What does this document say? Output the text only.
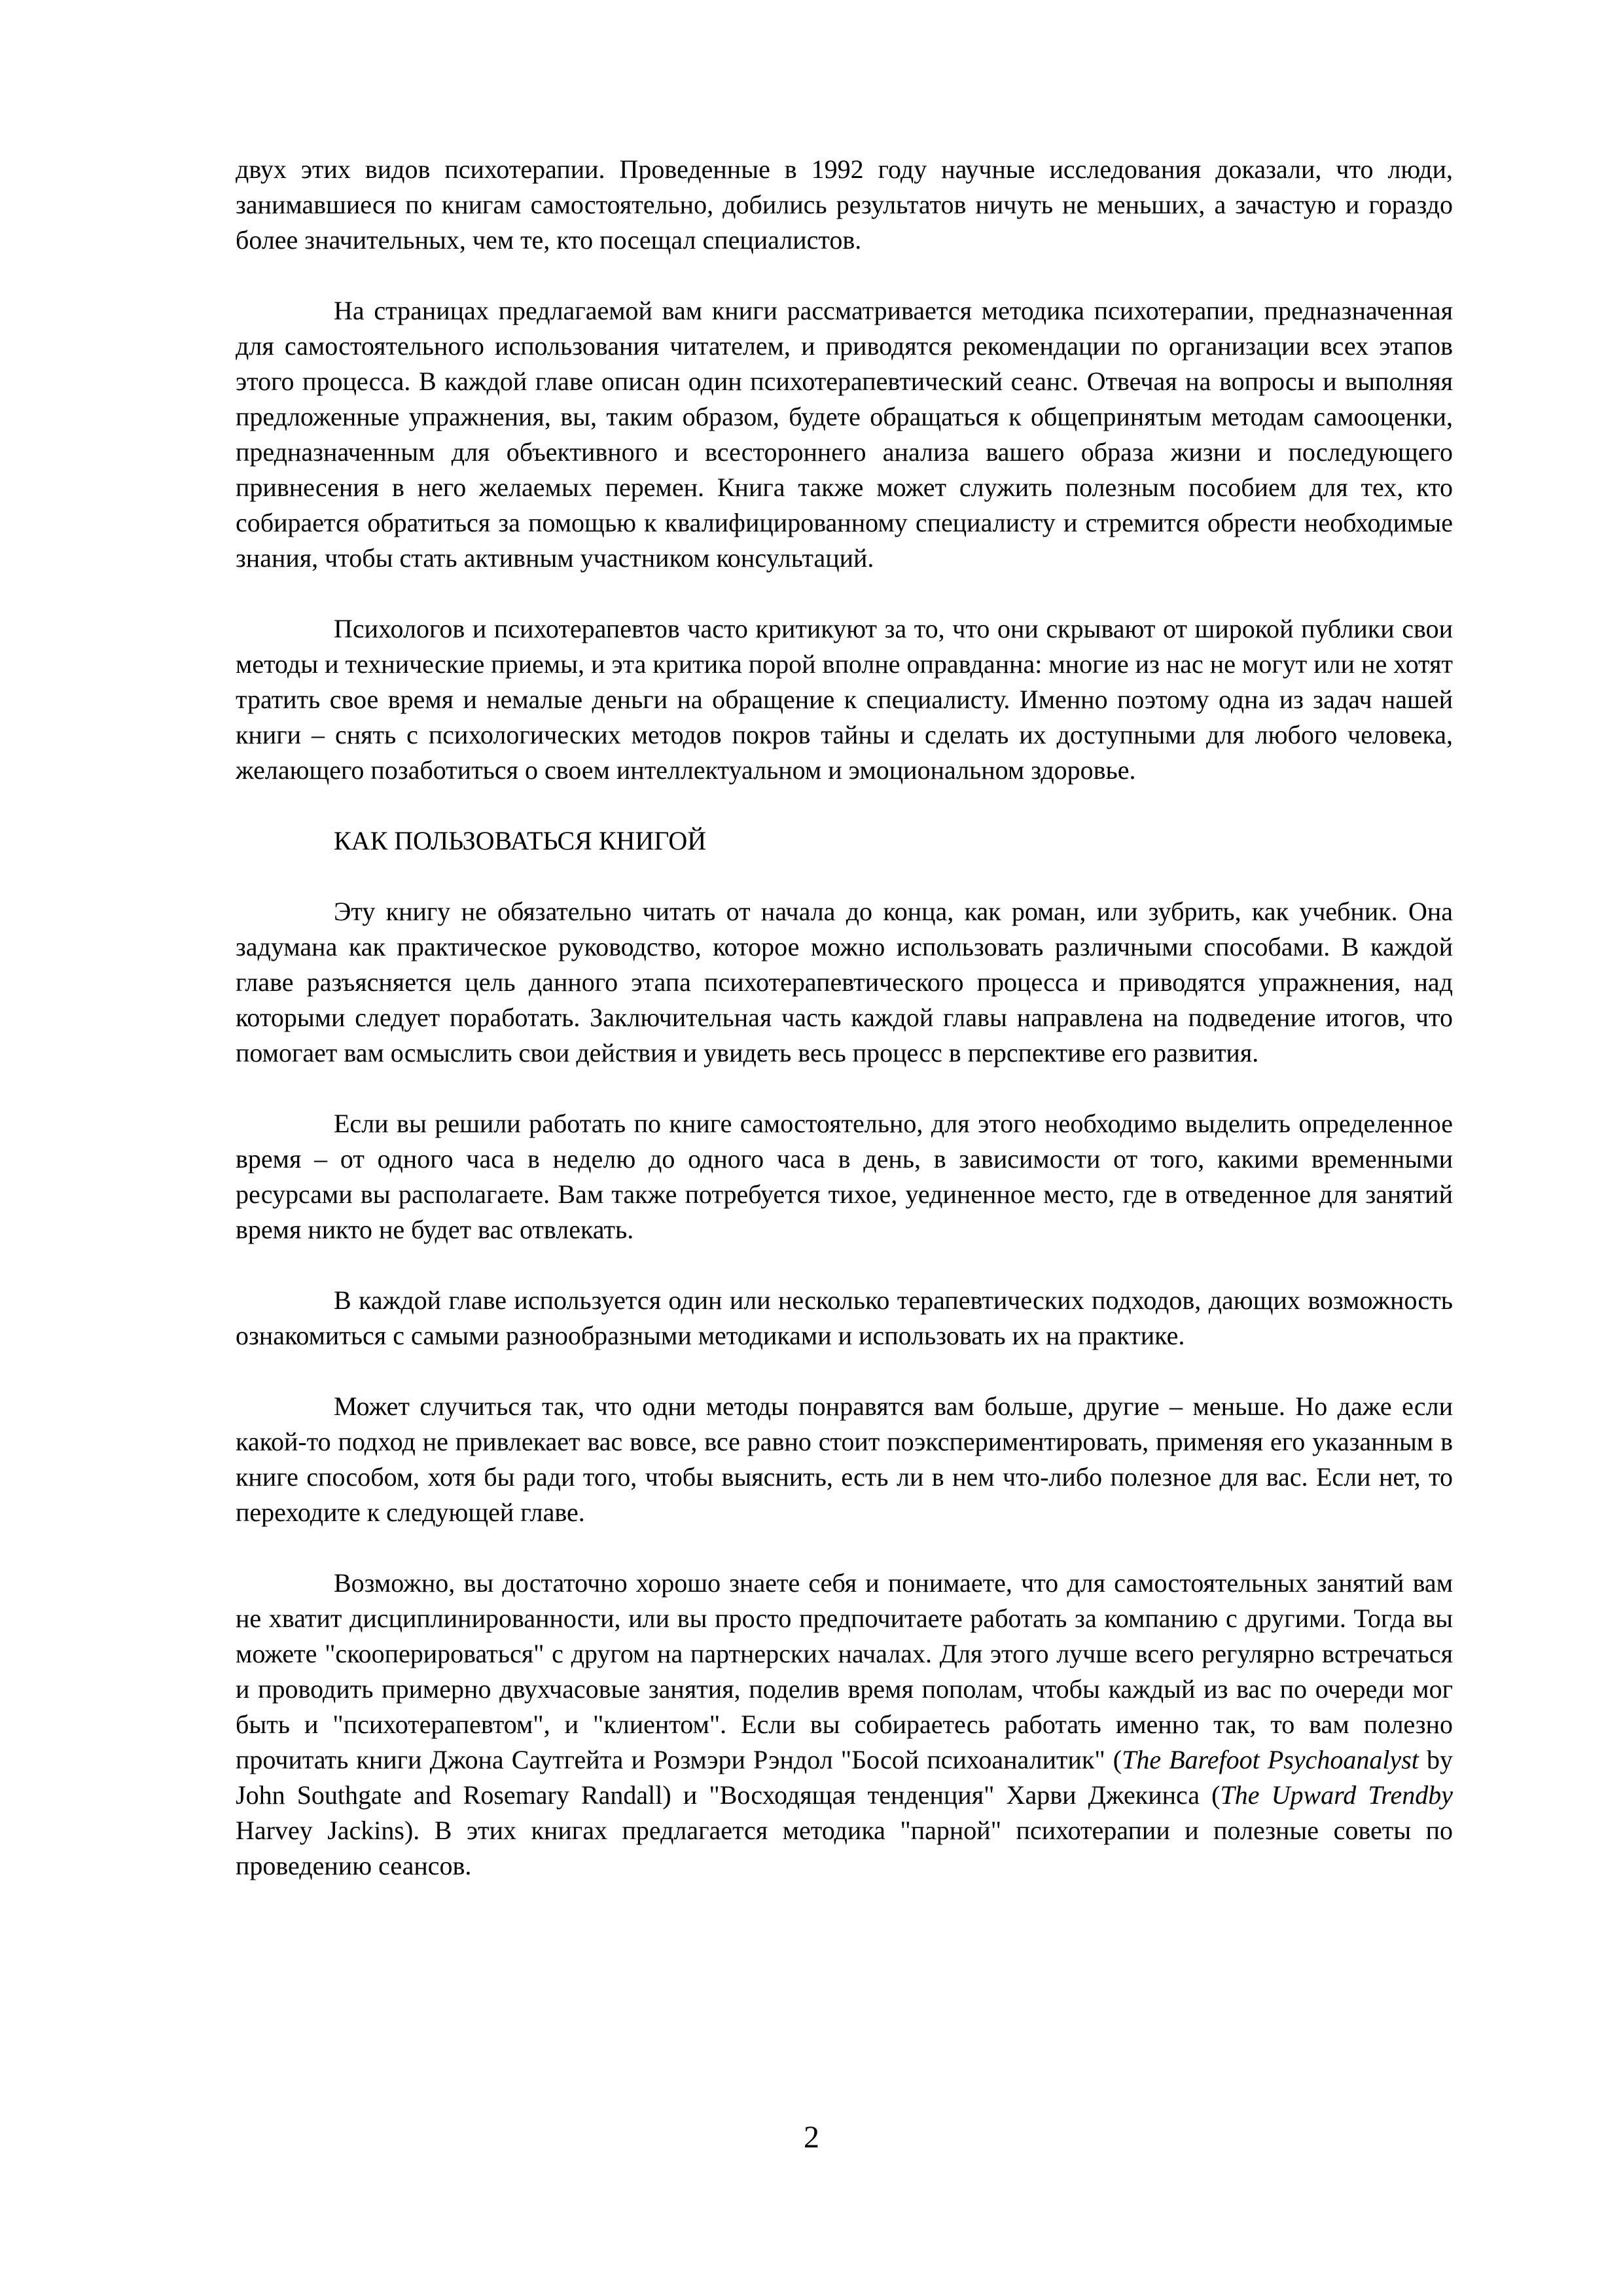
двух этих видов психотерапии. Проведенные в 1992 году научные исследования доказали, что люди, занимавшиеся по книгам самостоятельно, добились результатов ничуть не меньших, а зачастую и гораздо более значительных, чем те, кто посещал специалистов.

На страницах предлагаемой вам книги рассматривается методика психотерапии, предназначенная для самостоятельного использования читателем, и приводятся рекомендации по организации всех этапов этого процесса. В каждой главе описан один психотерапевтический сеанс. Отвечая на вопросы и выполняя предложенные упражнения, вы, таким образом, будете обращаться к общепринятым методам самооценки, предназначенным для объективного и всестороннего анализа вашего образа жизни и последующего привнесения в него желаемых перемен. Книга также может служить полезным пособием для тех, кто собирается обратиться за помощью к квалифицированному специалисту и стремится обрести необходимые знания, чтобы стать активным участником консультаций.

Психологов и психотерапевтов часто критикуют за то, что они скрывают от широкой публики свои методы и технические приемы, и эта критика порой вполне оправданна: многие из нас не могут или не хотят тратить свое время и немалые деньги на обращение к специалисту. Именно поэтому одна из задач нашей книги – снять с психологических методов покров тайны и сделать их доступными для любого человека, желающего позаботиться о своем интеллектуальном и эмоциональном здоровье.

КАК ПОЛЬЗОВАТЬСЯ КНИГОЙ

Эту книгу не обязательно читать от начала до конца, как роман, или зубрить, как учебник. Она задумана как практическое руководство, которое можно использовать различными способами. В каждой главе разъясняется цель данного этапа психотерапевтического процесса и приводятся упражнения, над которыми следует поработать. Заключительная часть каждой главы направлена на подведение итогов, что помогает вам осмыслить свои действия и увидеть весь процесс в перспективе его развития.

Если вы решили работать по книге самостоятельно, для этого необходимо выделить определенное время – от одного часа в неделю до одного часа в день, в зависимости от того, какими временными ресурсами вы располагаете. Вам также потребуется тихое, уединенное место, где в отведенное для занятий время никто не будет вас отвлекать.

В каждой главе используется один или несколько терапевтических подходов, дающих возможность ознакомиться с самыми разнообразными методиками и использовать их на практике.

Может случиться так, что одни методы понравятся вам больше, другие – меньше. Но даже если какой-то подход не привлекает вас вовсе, все равно стоит поэкспериментировать, применяя его указанным в книге способом, хотя бы ради того, чтобы выяснить, есть ли в нем что-либо полезное для вас. Если нет, то переходите к следующей главе.

Возможно, вы достаточно хорошо знаете себя и понимаете, что для самостоятельных занятий вам не хватит дисциплинированности, или вы просто предпочитаете работать за компанию с другими. Тогда вы можете "скооперироваться" с другом на партнерских началах. Для этого лучше всего регулярно встречаться и проводить примерно двухчасовые занятия, поделив время пополам, чтобы каждый из вас по очереди мог быть и "психотерапевтом", и "клиентом". Если вы собираетесь работать именно так, то вам полезно прочитать книги Джона Саутгейта и Розмэри Рэндол "Босой психоаналитик" (The Barefoot Psychoanalyst by John Southgate and Rosemary Randall) и "Восходящая тенденция" Харви Джекинса (The Upward Trendby Harvey Jackins). В этих книгах предлагается методика "парной" психотерапии и полезные советы по проведению сеансов.

2
